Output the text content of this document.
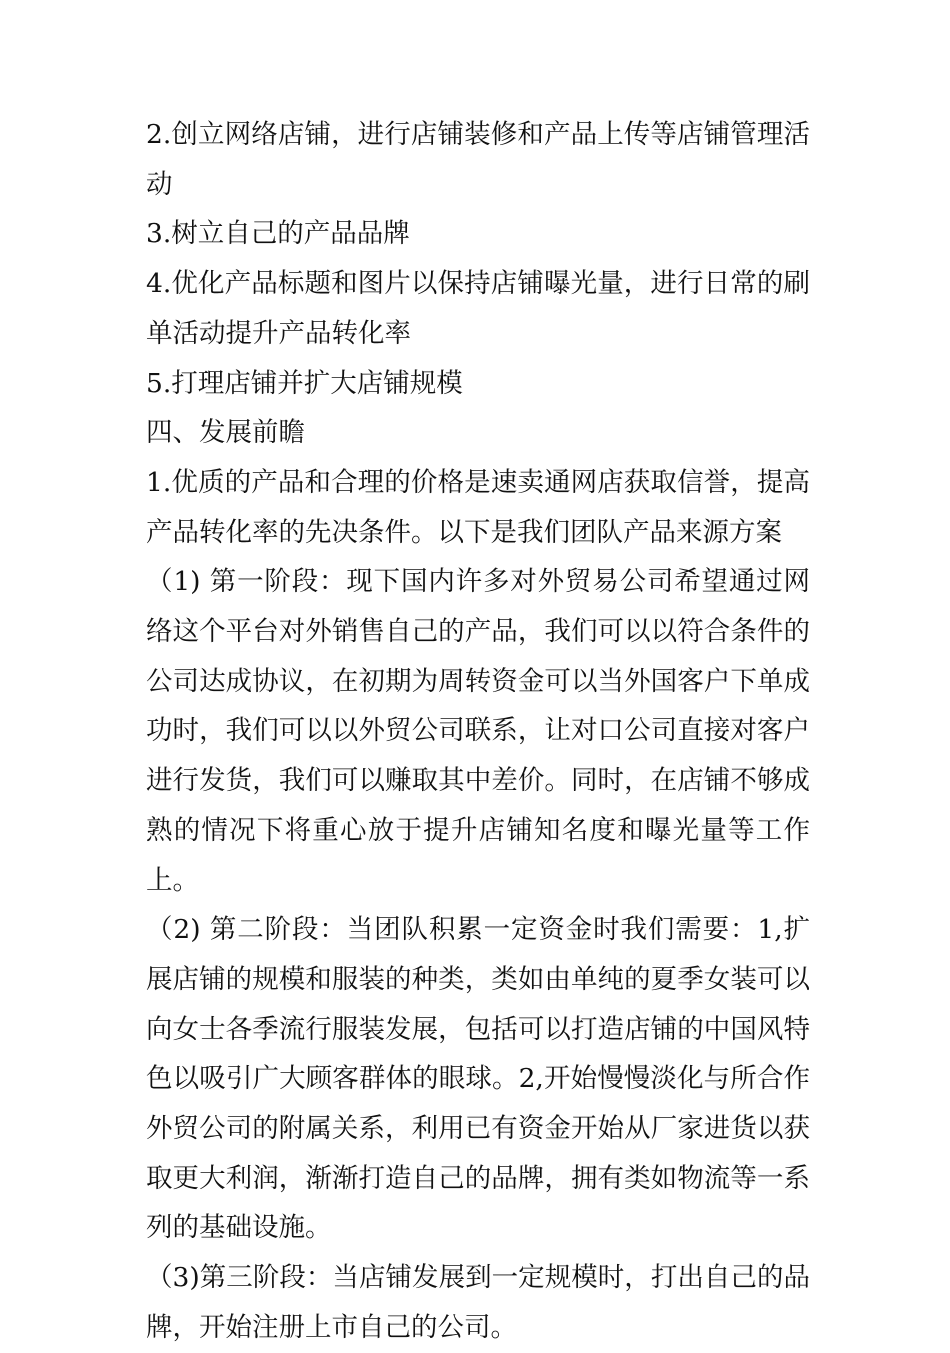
2.创立网络店铺，进行店铺装修和产品上传等店铺管理活动

3.树立自己的产品品牌

4.优化产品标题和图片以保持店铺曝光量，进行日常的刷单活动提升产品转化率

5.打理店铺并扩大店铺规模

四、发展前瞻

1.优质的产品和合理的价格是速卖通网店获取信誉，提高产品转化率的先决条件。以下是我们团队产品来源方案

（1) 第一阶段：现下国内许多对外贸易公司希望通过网络这个平台对外销售自己的产品，我们可以以符合条件的公司达成协议，在初期为周转资金可以当外国客户下单成功时，我们可以以外贸公司联系，让对口公司直接对客户进行发货，我们可以赚取其中差价。同时，在店铺不够成熟的情况下将重心放于提升店铺知名度和曝光量等工作上。

（2) 第二阶段：当团队积累一定资金时我们需要：1,扩展店铺的规模和服装的种类，类如由单纯的夏季女装可以向女士各季流行服装发展，包括可以打造店铺的中国风特色以吸引广大顾客群体的眼球。2,开始慢慢淡化与所合作外贸公司的附属关系，利用已有资金开始从厂家进货以获取更大利润，渐渐打造自己的品牌，拥有类如物流等一系列的基础设施。

（3)第三阶段：当店铺发展到一定规模时，打出自己的品牌，开始注册上市自己的公司。
